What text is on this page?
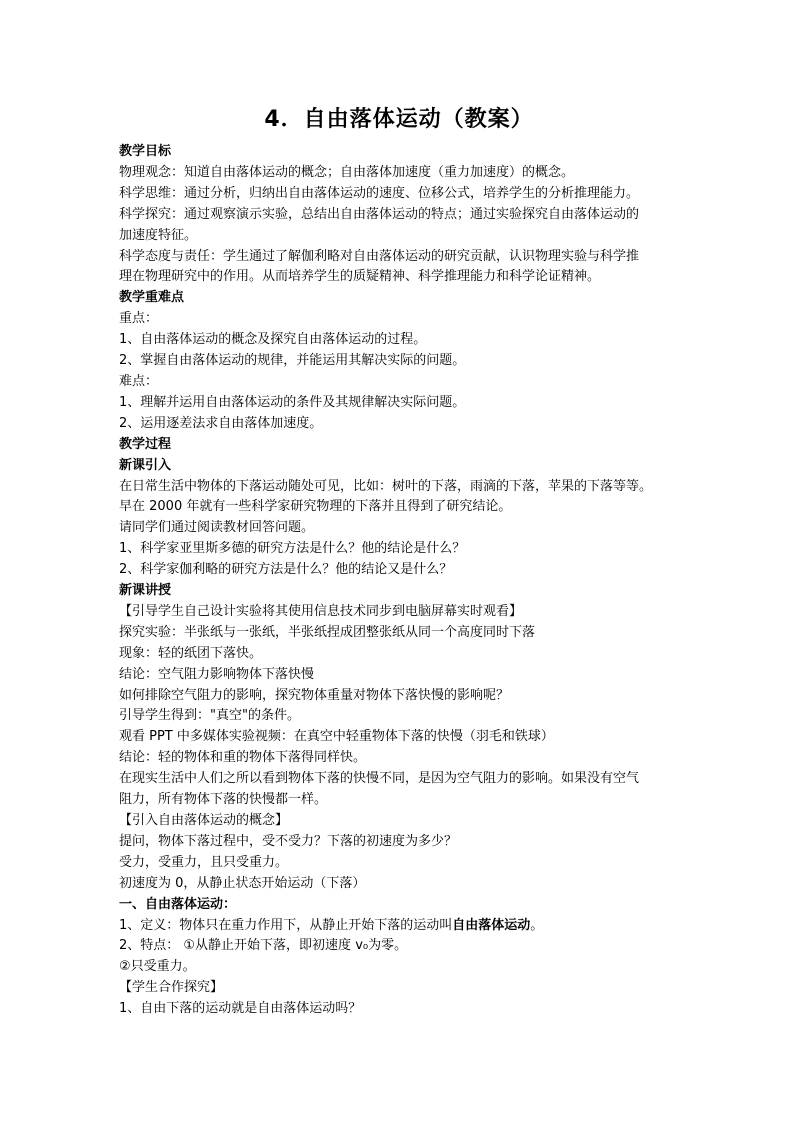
4．自由落体运动（教案）
教学目标
物理观念：知道自由落体运动的概念；自由落体加速度（重力加速度）的概念。
科学思维：通过分析，归纳出自由落体运动的速度、位移公式，培养学生的分析推理能力。
科学探究：通过观察演示实验，总结出自由落体运动的特点；通过实验探究自由落体运动的
加速度特征。
科学态度与责任：学生通过了解伽利略对自由落体运动的研究贡献，认识物理实验与科学推
理在物理研究中的作用。从而培养学生的质疑精神、科学推理能力和科学论证精神。
教学重难点
重点：
1、自由落体运动的概念及探究自由落体运动的过程。
2、掌握自由落体运动的规律，并能运用其解决实际的问题。
难点：
1、理解并运用自由落体运动的条件及其规律解决实际问题。
2、运用逐差法求自由落体加速度。
教学过程
新课引入
在日常生活中物体的下落运动随处可见，比如：树叶的下落，雨滴的下落，苹果的下落等等。
早在 2000 年就有一些科学家研究物理的下落并且得到了研究结论。
请同学们通过阅读教材回答问题。
1、科学家亚里斯多德的研究方法是什么？他的结论是什么？
2、科学家伽利略的研究方法是什么？他的结论又是什么？
新课讲授
【引导学生自己设计实验将其使用信息技术同步到电脑屏幕实时观看】
探究实验：半张纸与一张纸，半张纸捏成团整张纸从同一个高度同时下落
现象：轻的纸团下落快。
结论：空气阻力影响物体下落快慢
如何排除空气阻力的影响，探究物体重量对物体下落快慢的影响呢？
引导学生得到："真空"的条件。
观看 PPT 中多媒体实验视频：在真空中轻重物体下落的快慢（羽毛和铁球）
结论：轻的物体和重的物体下落得同样快。
在现实生活中人们之所以看到物体下落的快慢不同，是因为空气阻力的影响。如果没有空气
阻力，所有物体下落的快慢都一样。
【引入自由落体运动的概念】
提问，物体下落过程中，受不受力？下落的初速度为多少？
受力，受重力，且只受重力。
初速度为 0，从静止状态开始运动（下落）
一、自由落体运动：
1、定义：物体只在重力作用下，从静止开始下落的运动叫自由落体运动。
2、特点： ①从静止开始下落，即初速度 v₀为零。
②只受重力。
【学生合作探究】
1、自由下落的运动就是自由落体运动吗？
